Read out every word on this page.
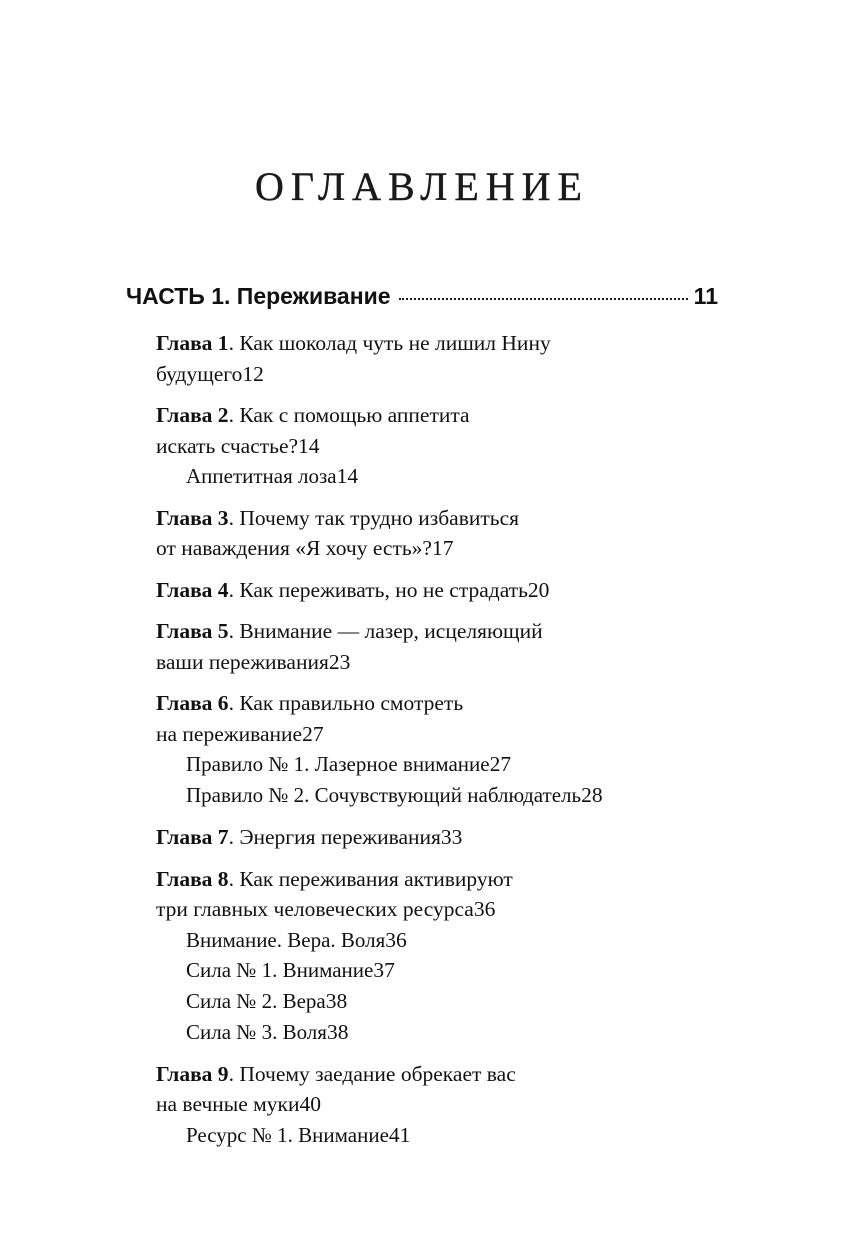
ОГЛАВЛЕНИЕ
ЧАСТЬ 1. Переживание	11
Глава 1. Как шоколад чуть не лишил Нину
будущего 12
Глава 2. Как с помощью аппетита
искать счастье? 14
Аппетитная лоза 14
Глава 3. Почему так трудно избавиться
от наваждения «Я хочу есть»? 17
Глава 4. Как переживать, но не страдать 20
Глава 5. Внимание — лазер, исцеляющий
ваши переживания 23
Глава 6. Как правильно смотреть
на переживание 27
Правило № 1. Лазерное внимание 27
Правило № 2. Сочувствующий наблюдатель 28
Глава 7. Энергия переживания 33
Глава 8. Как переживания активируют
три главных человеческих ресурса 36
Внимание. Вера. Воля 36
Сила № 1. Внимание 37
Сила № 2. Вера 38
Сила № 3. Воля 38
Глава 9. Почему заедание обрекает вас
на вечные муки 40
Ресурс № 1. Внимание 41
